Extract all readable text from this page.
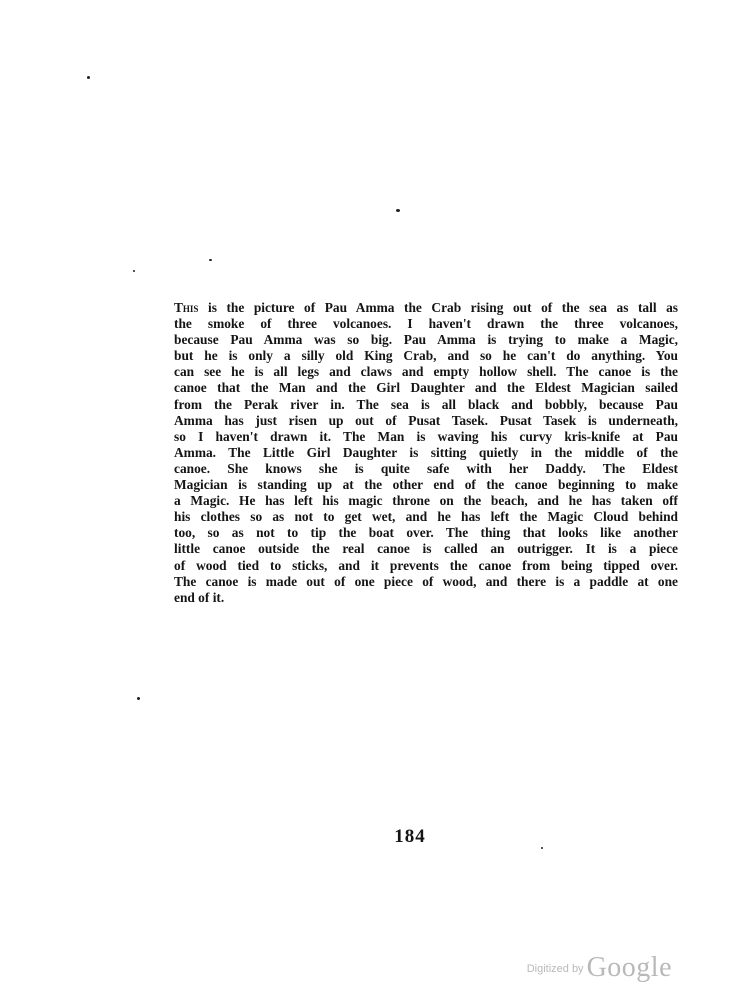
This is the picture of Pau Amma the Crab rising out of the sea as tall as
the smoke of three volcanoes. I haven't drawn the three volcanoes,
because Pau Amma was so big. Pau Amma is trying to make a Magic,
but he is only a silly old King Crab, and so he can't do anything. You
can see he is all legs and claws and empty hollow shell. The canoe is the
canoe that the Man and the Girl Daughter and the Eldest Magician sailed
from the Perak river in. The sea is all black and bobbly, because Pau
Amma has just risen up out of Pusat Tasek. Pusat Tasek is underneath,
so I haven't drawn it. The Man is waving his curvy kris-knife at Pau
Amma. The Little Girl Daughter is sitting quietly in the middle of the
canoe. She knows she is quite safe with her Daddy. The Eldest
Magician is standing up at the other end of the canoe beginning to make
a Magic. He has left his magic throne on the beach, and he has taken off
his clothes so as not to get wet, and he has left the Magic Cloud behind
too, so as not to tip the boat over. The thing that looks like another
little canoe outside the real canoe is called an outrigger. It is a piece
of wood tied to sticks, and it prevents the canoe from being tipped over.
The canoe is made out of one piece of wood, and there is a paddle at one
end of it.
184
$^{Digitized by}$ Google
